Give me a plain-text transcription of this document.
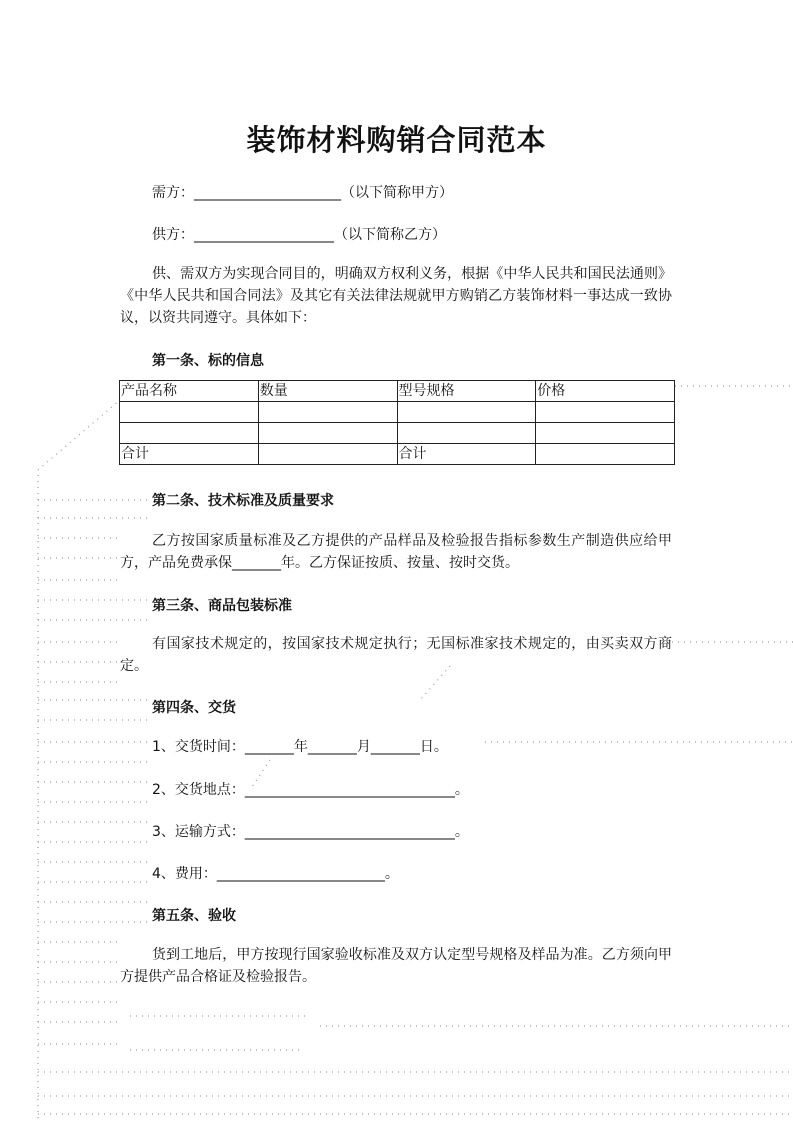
装饰材料购销合同范本
需方：_____________________（以下简称甲方）
供方：____________________（以下简称乙方）
供、需双方为实现合同目的，明确双方权利义务，根据《中华人民共和国民法通则》《中华人民共和国合同法》及其它有关法律法规就甲方购销乙方装饰材料一事达成一致协议，以资共同遵守。具体如下：
第一条、标的信息
产品名称	数量	型号规格	价格

合计		合计	
第二条、技术标准及质量要求
乙方按国家质量标准及乙方提供的产品样品及检验报告指标参数生产制造供应给甲方，产品免费承保_______年。乙方保证按质、按量、按时交货。
第三条、商品包装标准
有国家技术规定的，按国家技术规定执行；无国标准家技术规定的，由买卖双方商定。
第四条、交货
1、交货时间：_______年_______月_______日。
2、交货地点：______________________________。
3、运输方式：______________________________。
4、费用：________________________。
第五条、验收
货到工地后，甲方按现行国家验收标准及双方认定型号规格及样品为准。乙方须向甲方提供产品合格证及检验报告。
